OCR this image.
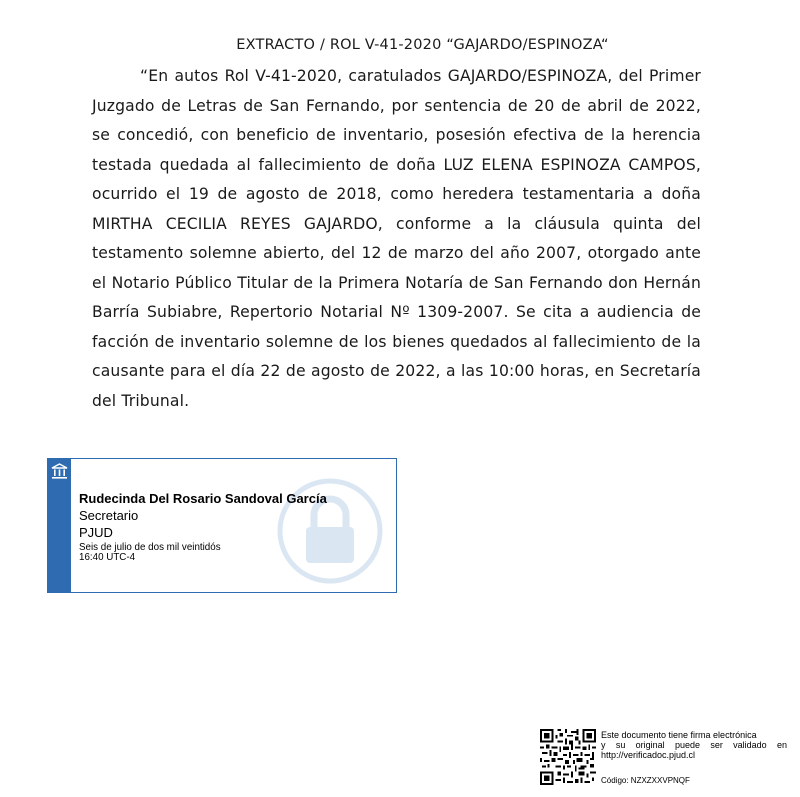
EXTRACTO / ROL V-41-2020 “GAJARDO/ESPINOZA“

“En autos Rol V-41-2020, caratulados GAJARDO/ESPINOZA, del Primer Juzgado de Letras de San Fernando, por sentencia de 20 de abril de 2022, se concedió, con beneficio de inventario, posesión efectiva de la herencia testada quedada al fallecimiento de doña LUZ ELENA ESPINOZA CAMPOS, ocurrido el 19 de agosto de 2018, como heredera testamentaria a doña MIRTHA CECILIA REYES GAJARDO, conforme a la cláusula quinta del testamento solemne abierto, del 12 de marzo del año 2007, otorgado ante el Notario Público Titular de la Primera Notaría de San Fernando don Hernán Barría Subiabre, Repertorio Notarial Nº 1309-2007. Se cita a audiencia de facción de inventario solemne de los bienes quedados al fallecimiento de la causante para el día 22 de agosto de 2022, a las 10:00 horas, en Secretaría del Tribunal.

Rudecinda Del Rosario Sandoval García
Secretario
PJUD
Seis de julio de dos mil veintidós
16:40 UTC-4
Este documento tiene firma electrónica
y su original puede ser validado en
http://verificadoc.pjud.cl
Código: NZXZXXVPNQF
